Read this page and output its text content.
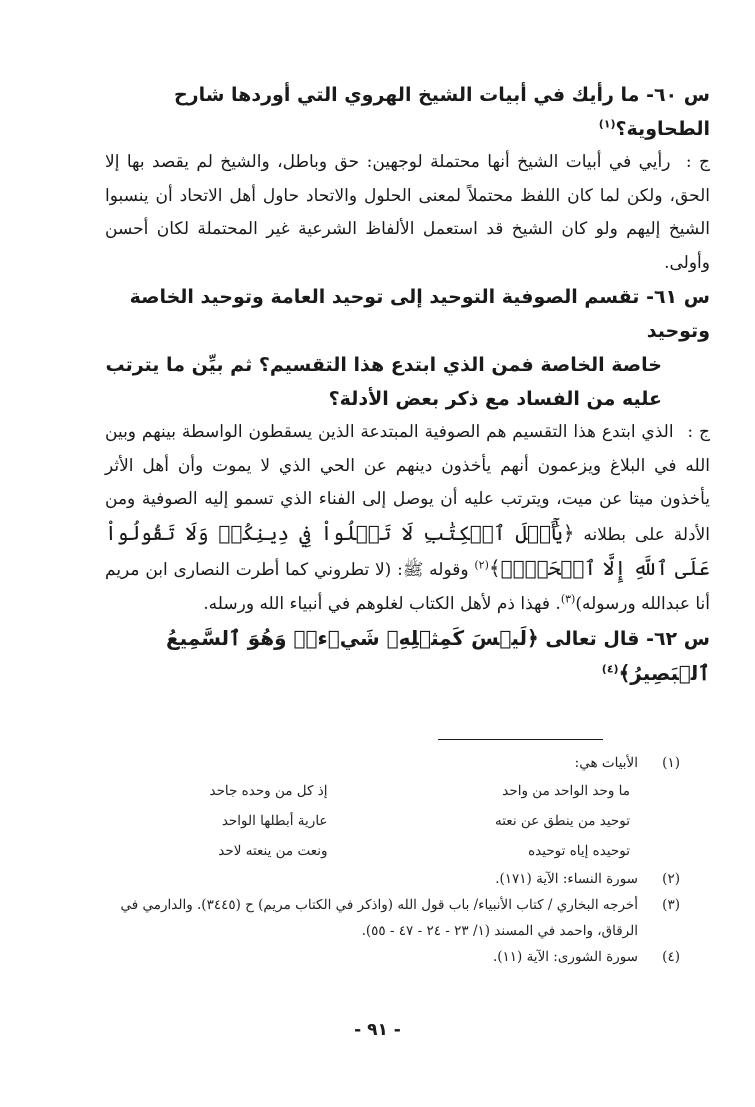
س ٦٠- ما رأيك في أبيات الشيخ الهروي التي أوردها شارح الطحاوية؟$^{(١)}$
ج : رأيي في أبيات الشيخ أنها محتملة لوجهين: حق وباطل، والشيخ لم يقصد بها إلا الحق، ولكن لما كان اللفظ محتملاً لمعنى الحلول والاتحاد حاول أهل الاتحاد أن ينسبوا الشيخ إليهم ولو كان الشيخ قد استعمل الألفاظ الشرعية غير المحتملة لكان أحسن وأولى.
س ٦١- تقسم الصوفية التوحيد إلى توحيد العامة وتوحيد الخاصة وتوحيد
خاصة الخاصة فمن الذي ابتدع هذا التقسيم؟ ثم بيِّن ما يترتب
عليه من الفساد مع ذكر بعض الأدلة؟
ج : الذي ابتدع هذا التقسيم هم الصوفية المبتدعة الذين يسقطون الواسطة بينهم وبين الله في البلاغ ويزعمون أنهم يأخذون دينهم عن الحي الذي لا يموت وأن أهل الأثر يأخذون ميتا عن ميت، ويترتب عليه أن يوصل إلى الفناء الذي تسمو إليه الصوفية ومن الأدلة على بطلانه ﴿يَٰٓأَهۡلَ ٱلۡكِتَٰبِ لَا تَغۡلُواْ فِي دِينِكُمۡ وَلَا تَقُولُواْ عَلَى ٱللَّهِ إِلَّا ٱلۡحَقَّۚ﴾$^{(٢)}$ وقوله ﷺ: (لا تطروني كما أطرت النصارى ابن مريم أنا عبدالله ورسوله)$^{(٣)}$. فهذا ذم لأهل الكتاب لغلوهم في أنبياء الله ورسله.
س ٦٢- قال تعالى ﴿لَيۡسَ كَمِثۡلِهِۦ شَيۡءٞۖ وَهُوَ ٱلسَّمِيعُ ٱلۡبَصِيرُ﴾$^{(٤)}$
(١)
الأبيات هي:
ما وحد الواحد من واحد
إذ كل من وحده جاحد
توحيد من ينطق عن نعته
عارية أبطلها الواحد
توحيده إياه توحيده
ونعت من ينعته لاحد
(٢)
سورة النساء: الآية (١٧١).
(٣)
أخرجه البخاري / كتاب الأنبياء/ باب قول الله (واذكر في الكتاب مريم) ح (٣٤٤٥). والدارمي في الرقاق، واحمد في المسند (١/ ٢٣ - ٢٤ - ٤٧ - ٥٥).
(٤)
سورة الشورى: الآية (١١).
- ٩١ -
